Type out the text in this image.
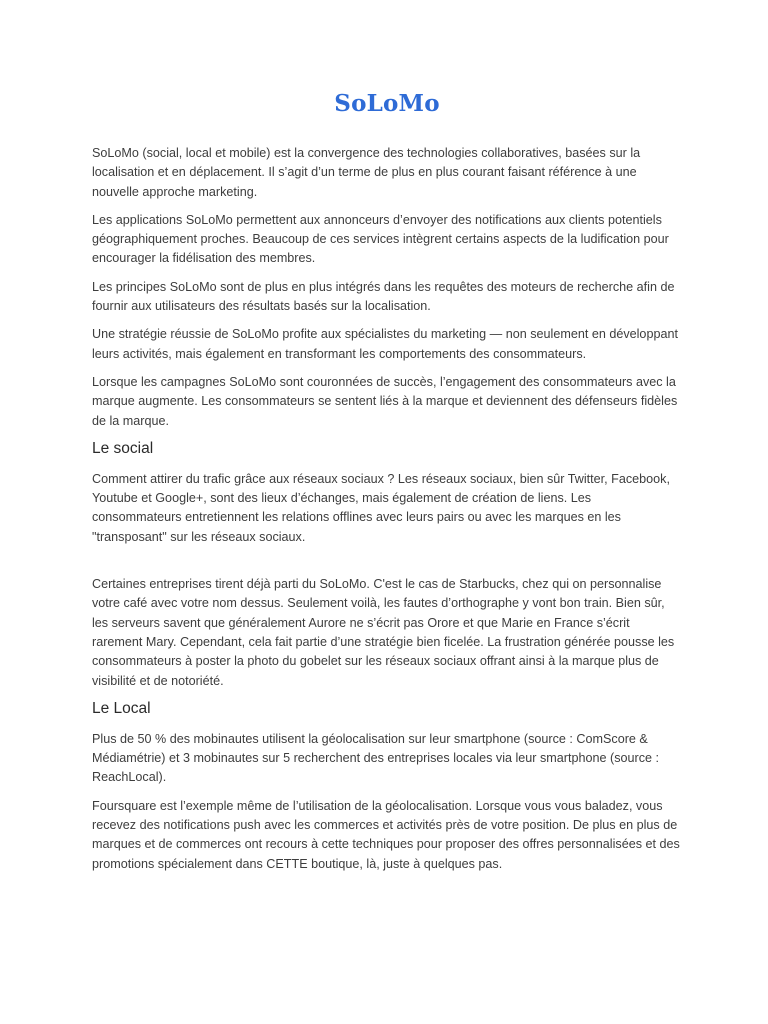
SoLoMo

SoLoMo (social, local et mobile) est la convergence des technologies collaboratives, basées sur la localisation et en déplacement. Il s’agit d’un terme de plus en plus courant faisant référence à une nouvelle approche marketing.

Les applications SoLoMo permettent aux annonceurs d’envoyer des notifications aux clients potentiels géographiquement proches. Beaucoup de ces services intègrent certains aspects de la ludification pour encourager la fidélisation des membres.

Les principes SoLoMo sont de plus en plus intégrés dans les requêtes des moteurs de recherche afin de fournir aux utilisateurs des résultats basés sur la localisation.

Une stratégie réussie de SoLoMo profite aux spécialistes du marketing — non seulement en développant leurs activités, mais également en transformant les comportements des consommateurs.

Lorsque les campagnes SoLoMo sont couronnées de succès, l’engagement des consommateurs avec la marque augmente. Les consommateurs se sentent liés à la marque et deviennent des défenseurs fidèles de la marque.

Le social

Comment attirer du trafic grâce aux réseaux sociaux ? Les réseaux sociaux, bien sûr Twitter, Facebook, Youtube et Google+, sont des lieux d’échanges, mais également de création de liens. Les consommateurs entretiennent les relations offlines avec leurs pairs ou avec les marques en les "transposant" sur les réseaux sociaux.

Certaines entreprises tirent déjà parti du SoLoMo. C'est le cas de Starbucks, chez qui on personnalise votre café avec votre nom dessus. Seulement voilà, les fautes d’orthographe y vont bon train. Bien sûr, les serveurs savent que généralement Aurore ne s’écrit pas Orore et que Marie en France s’écrit rarement Mary. Cependant, cela fait partie d’une stratégie bien ficelée. La frustration générée pousse les consommateurs à poster la photo du gobelet sur les réseaux sociaux offrant ainsi à la marque plus de visibilité et de notoriété.

Le Local

Plus de 50 % des mobinautes utilisent la géolocalisation sur leur smartphone (source : ComScore & Médiamétrie) et 3 mobinautes sur 5 recherchent des entreprises locales via leur smartphone (source : ReachLocal).

Foursquare est l’exemple même de l’utilisation de la géolocalisation. Lorsque vous vous baladez, vous recevez des notifications push avec les commerces et activités près de votre position. De plus en plus de marques et de commerces ont recours à cette techniques pour proposer des offres personnalisées et des promotions spécialement dans CETTE boutique, là, juste à quelques pas.
